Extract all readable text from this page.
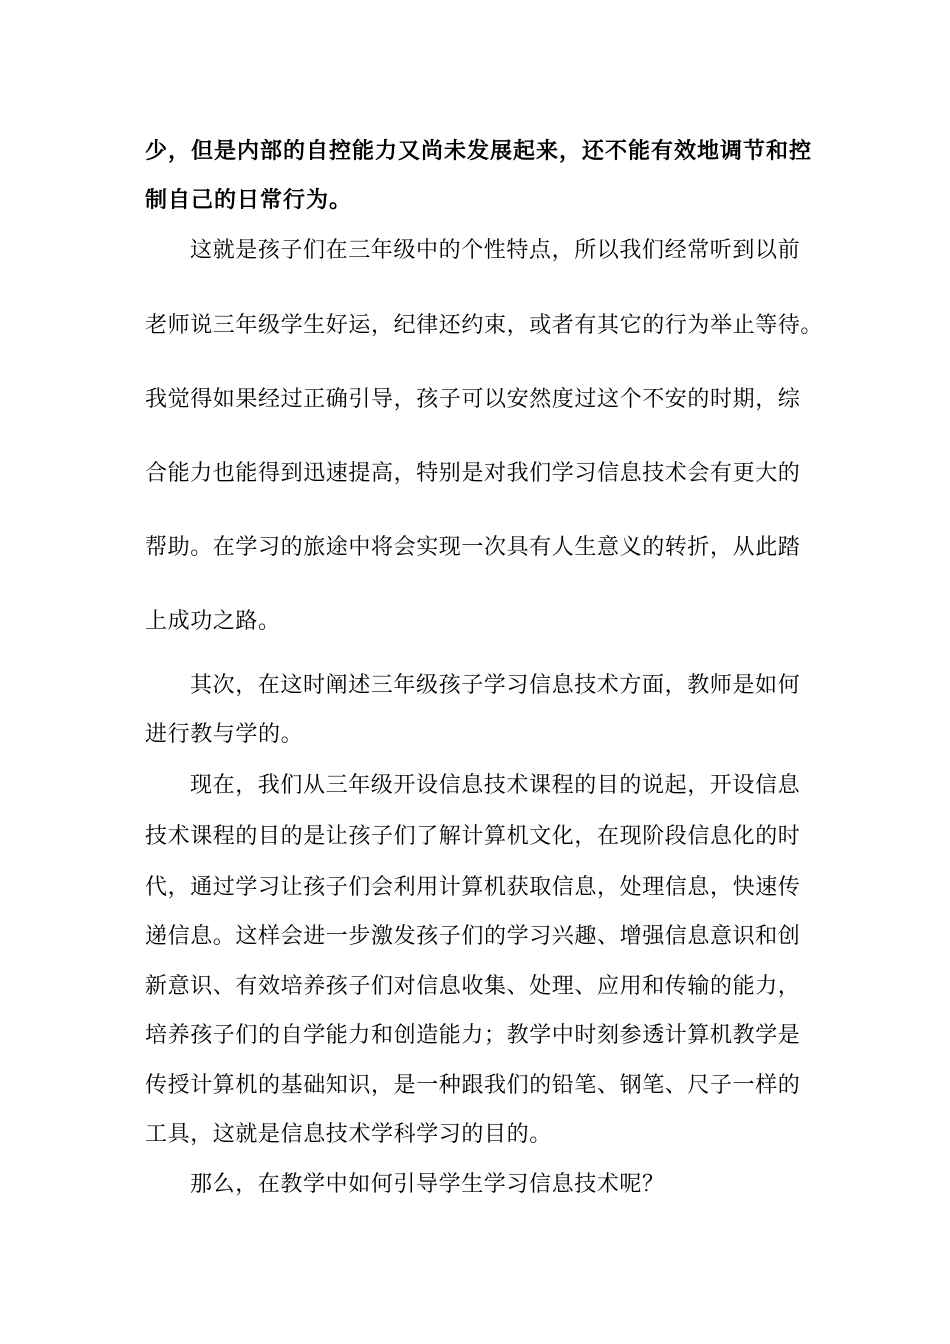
少，但是内部的自控能力又尚未发展起来，还不能有效地调节和控
制自己的日常行为。
这就是孩子们在三年级中的个性特点，所以我们经常听到以前
老师说三年级学生好运，纪律还约束，或者有其它的行为举止等待。
我觉得如果经过正确引导，孩子可以安然度过这个不安的时期，综
合能力也能得到迅速提高，特别是对我们学习信息技术会有更大的
帮助。在学习的旅途中将会实现一次具有人生意义的转折，从此踏
上成功之路。
其次，在这时阐述三年级孩子学习信息技术方面，教师是如何
进行教与学的。
现在，我们从三年级开设信息技术课程的目的说起，开设信息
技术课程的目的是让孩子们了解计算机文化，在现阶段信息化的时
代，通过学习让孩子们会利用计算机获取信息，处理信息，快速传
递信息。这样会进一步激发孩子们的学习兴趣、增强信息意识和创
新意识、有效培养孩子们对信息收集、处理、应用和传输的能力，
培养孩子们的自学能力和创造能力；教学中时刻参透计算机教学是
传授计算机的基础知识，是一种跟我们的铅笔、钢笔、尺子一样的
工具，这就是信息技术学科学习的目的。
那么，在教学中如何引导学生学习信息技术呢？
